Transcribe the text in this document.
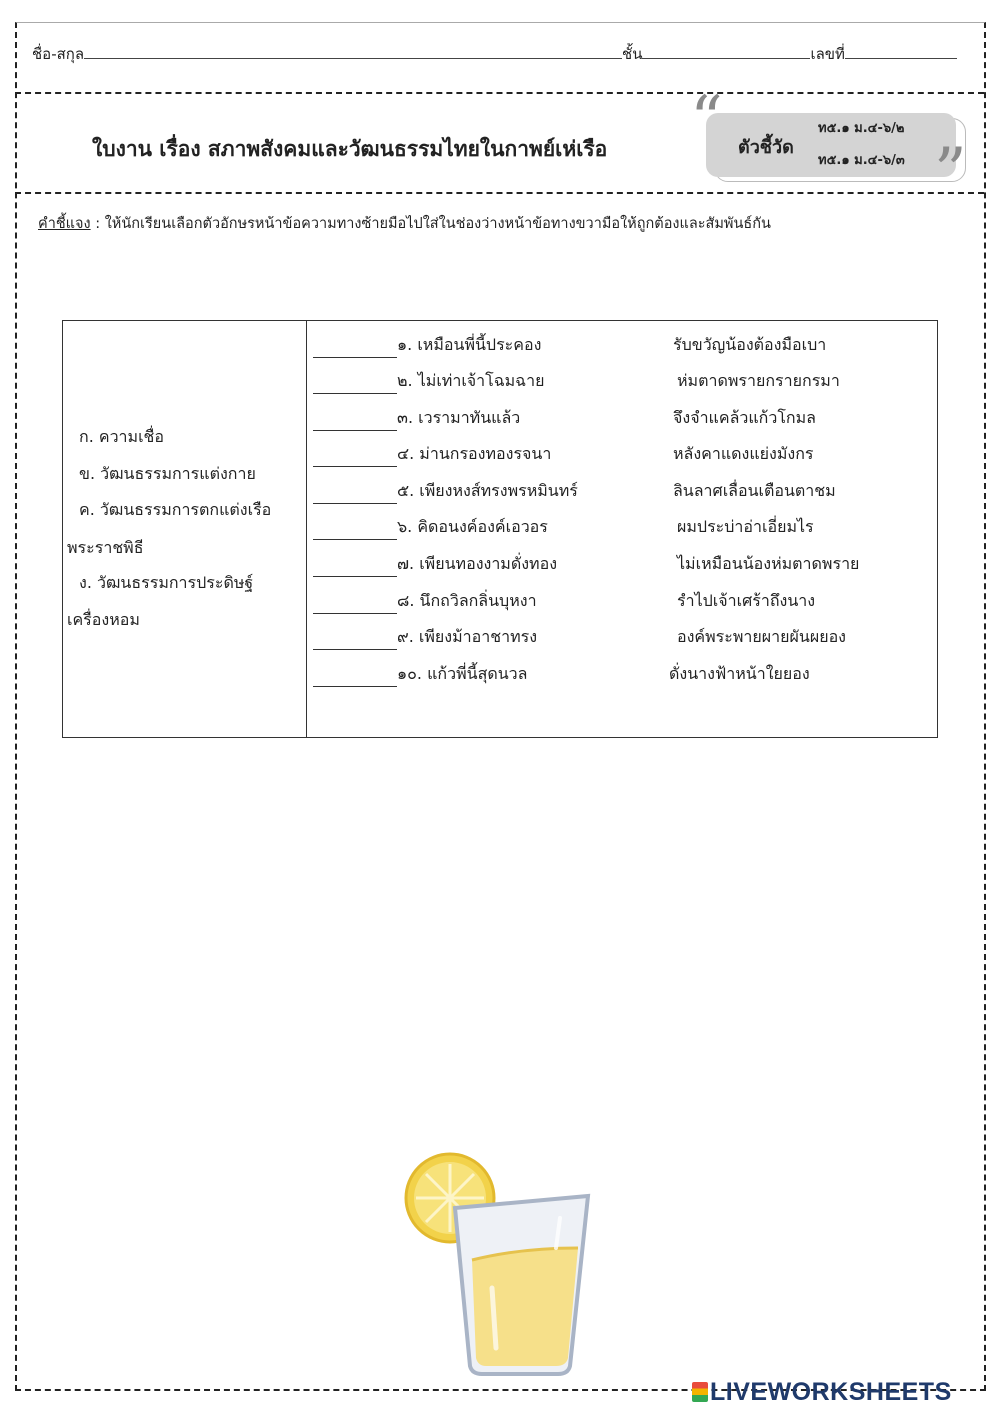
ชื่อ-สกุล	ชั้น	เลขที่
ใบงาน เรื่อง สภาพสังคมและวัฒนธรรมไทยในกาพย์เห่เรือ “
”
ตัวชี้วัด
ท๕.๑ ม.๔-๖/๒
ท๕.๑ ม.๔-๖/๓
คำชี้แจง : ให้นักเรียนเลือกตัวอักษรหน้าข้อความทางซ้ายมือไปใส่ในช่องว่างหน้าข้อทางขวามือให้ถูกต้องและสัมพันธ์กัน
ก. ความเชื่อ
ข. วัฒนธรรมการแต่งกาย
ค. วัฒนธรรมการตกแต่งเรือ
พระราชพิธี
ง. วัฒนธรรมการประดิษฐ์
เครื่องหอม

๑. เหมือนพี่นี้ประคอง	รับขวัญน้องต้องมือเบา
๒. ไม่เท่าเจ้าโฉมฉาย	ห่มตาดพรายกรายกรมา
๓. เวรามาทันแล้ว	จึงจำแคล้วแก้วโกมล
๔. ม่านกรองทองรจนา	หลังคาแดงแย่งมังกร
๕. เพียงหงส์ทรงพรหมินทร์	ลินลาศเลื่อนเตือนตาชม
๖. คิดอนงค์องค์เอวอร	ผมประบ่าอ่าเอี่ยมไร
๗. เพียนทองงามดั่งทอง	ไม่เหมือนน้องห่มตาดพราย
๘. นึกถวิลกลิ่นบุหงา	รำไปเจ้าเศร้าถึงนาง
๙. เพียงม้าอาชาทรง	องค์พระพายผายผันผยอง
๑๐. แก้วพี่นี้สุดนวล	ดั่งนางฟ้าหน้าใยยอง
LIVEWORKSHEETS
